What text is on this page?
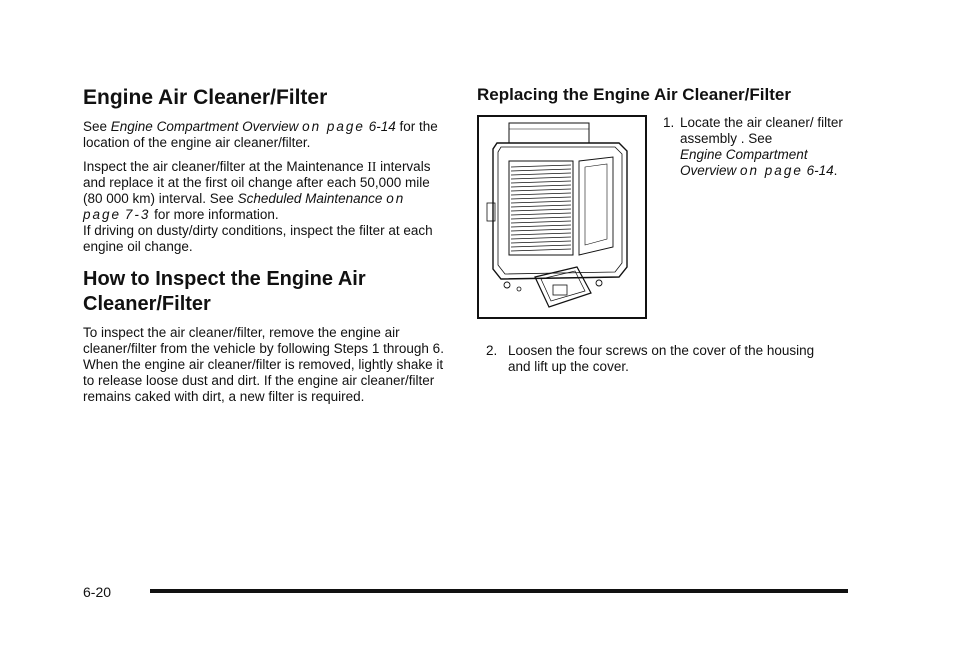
Engine Air Cleaner/Filter

See Engine Compartment Overview on page 6-14 for the location of the engine air cleaner/filter.

Inspect the air cleaner/filter at the Maintenance II intervals and replace it at the first oil change after each 50,000 mile (80 000 km) interval. See Scheduled Maintenance on page 7-3 for more information.

If driving on dusty/dirty conditions, inspect the filter at each engine oil change.

How to Inspect the Engine Air
Cleaner/Filter

To inspect the air cleaner/filter, remove the engine air cleaner/filter from the vehicle by following Steps 1 through 6. When the engine air cleaner/filter is removed, lightly shake it to release loose dust and dirt. If the engine air cleaner/filter remains caked with dirt, a new filter is required.

Replacing the Engine Air Cleaner/Filter
1. Locate the air cleaner/ filter assembly . See
Engine Compartment Overview on page 6-14.
2. Loosen the four screws on the cover of the housing and lift up the cover.
6-20
